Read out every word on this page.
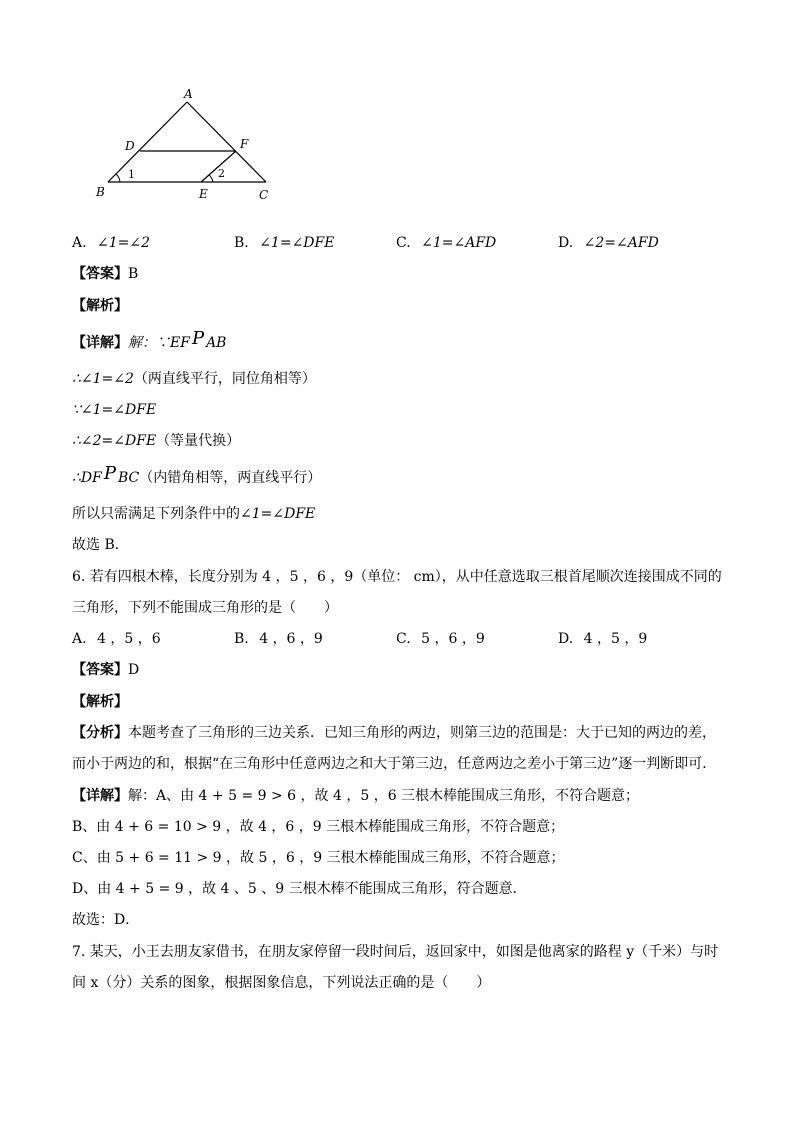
A
D	F
B	E	C
1	2
A. ∠1=∠2	B. ∠1=∠DFE	C. ∠1=∠AFD	D. ∠2=∠AFD
【答案】B
【解析】
【详解】解：∵EF P AB
∴∠1=∠2（两直线平行，同位角相等）
∵∠1=∠DFE
∴∠2=∠DFE（等量代换）
∴DF P BC（内错角相等，两直线平行）
所以只需满足下列条件中的∠1=∠DFE
故选 B．
6. 若有四根木棒，长度分别为 4 ，5 ，6 ，9（单位： cm），从中任意选取三根首尾顺次连接围成不同的
三角形，下列不能围成三角形的是（　　）
A. 4 ，5 ，6	B. 4 ，6 ，9	C. 5 ，6 ，9	D. 4 ，5 ，9
【答案】D
【解析】
【分析】本题考查了三角形的三边关系．已知三角形的两边，则第三边的范围是：大于已知的两边的差，
而小于两边的和，根据“在三角形中任意两边之和大于第三边，任意两边之差小于第三边”逐一判断即可．
【详解】解：A、由 4 + 5 = 9 > 6 ，故 4 ，5 ，6 三根木棒能围成三角形，不符合题意；
B、由 4 + 6 = 10 > 9 ，故 4 ，6 ，9 三根木棒能围成三角形，不符合题意；
C、由 5 + 6 = 11 > 9 ，故 5 ，6 ，9 三根木棒能围成三角形，不符合题意；
D、由 4 + 5 = 9 ，故 4 、5 、9 三根木棒不能围成三角形，符合题意．
故选：D．
7. 某天，小王去朋友家借书，在朋友家停留一段时间后，返回家中，如图是他离家的路程 y（千米）与时
间 x（分）关系的图象，根据图象信息，下列说法正确的是（　　）
